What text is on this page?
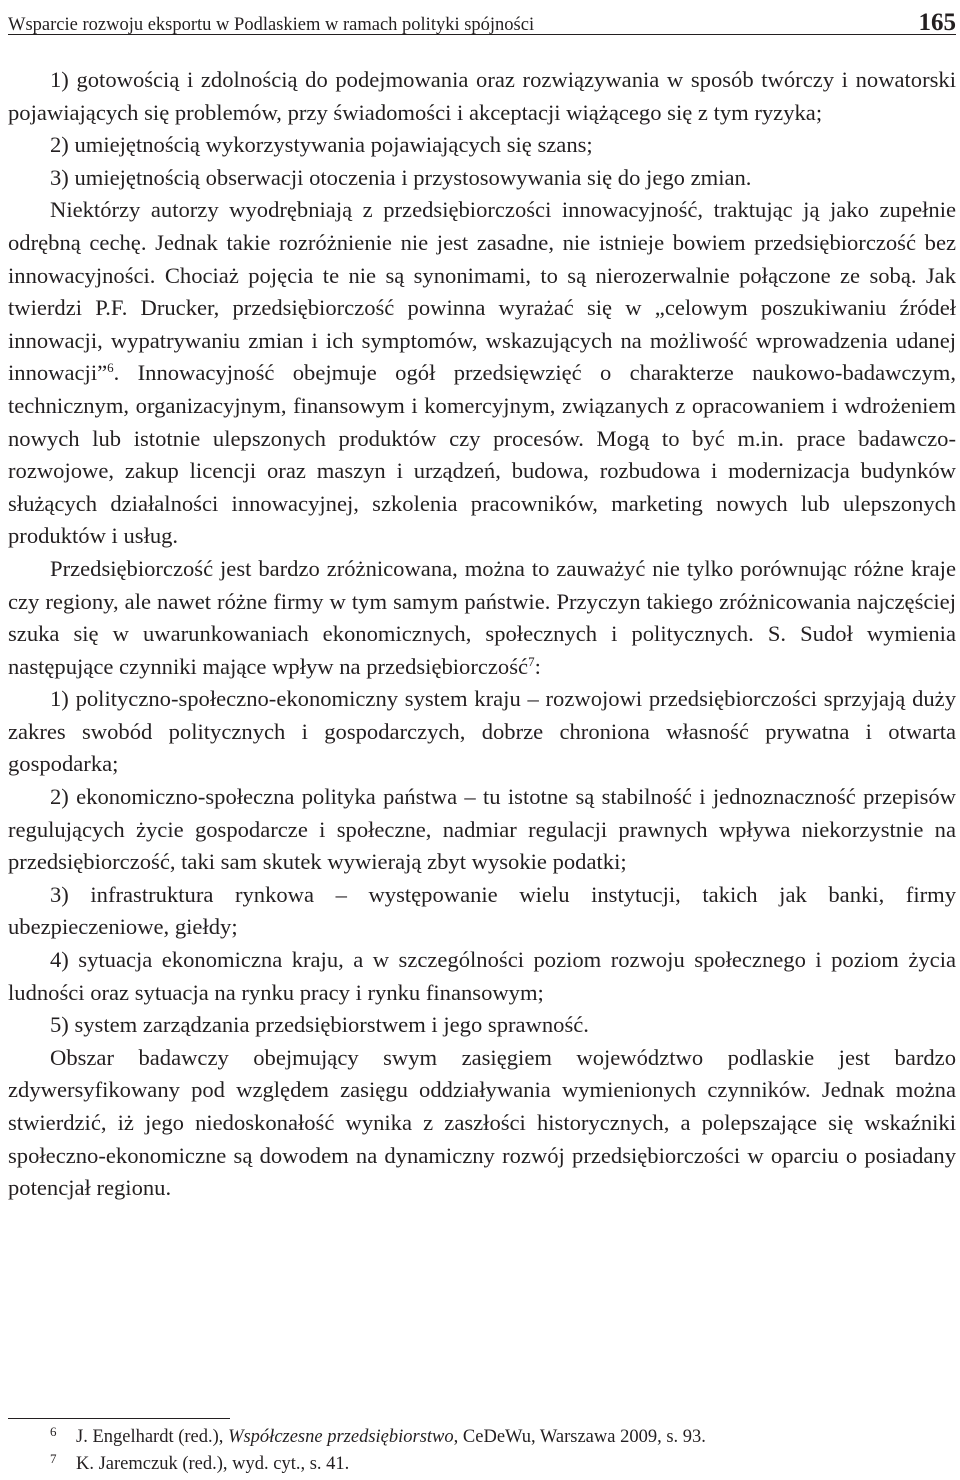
Wsparcie rozwoju eksportu w Podlaskiem w ramach polityki spójności	165

1) gotowością i zdolnością do podejmowania oraz rozwiązywania w sposób twórczy i nowatorski pojawiających się problemów, przy świadomości i akceptacji wiążącego się z tym ryzyka;

2) umiejętnością wykorzystywania pojawiających się szans;

3) umiejętnością obserwacji otoczenia i przystosowywania się do jego zmian.

Niektórzy autorzy wyodrębniają z przedsiębiorczości innowacyjność, traktując ją jako zupełnie odrębną cechę. Jednak takie rozróżnienie nie jest zasadne, nie istnieje bowiem przedsiębiorczość bez innowacyjności. Chociaż pojęcia te nie są synonimami, to są nierozerwalnie połączone ze sobą. Jak twierdzi P.F. Drucker, przedsiębiorczość powinna wyrażać się w „celowym poszukiwaniu źródeł innowacji, wypatrywaniu zmian i ich symptomów, wskazujących na możliwość wprowadzenia udanej innowacji”$^6$. Innowacyjność obejmuje ogół przedsięwzięć o charakterze naukowo-badawczym, technicznym, organizacyjnym, finansowym i komercyjnym, związanych z opracowaniem i wdrożeniem nowych lub istotnie ulepszonych produktów czy procesów. Mogą to być m.in. prace badawczo-rozwojowe, zakup licencji oraz maszyn i urządzeń, budowa, rozbudowa i modernizacja budynków służących działalności innowacyjnej, szkolenia pracowników, marketing nowych lub ulepszonych produktów i usług.

Przedsiębiorczość jest bardzo zróżnicowana, można to zauważyć nie tylko porównując różne kraje czy regiony, ale nawet różne firmy w tym samym państwie. Przyczyn takiego zróżnicowania najczęściej szuka się w uwarunkowaniach ekonomicznych, społecznych i politycznych. S. Sudoł wymienia następujące czynniki mające wpływ na przedsiębiorczość$^7$:

1) polityczno-społeczno-ekonomiczny system kraju – rozwojowi przedsiębiorczości sprzyjają duży zakres swobód politycznych i gospodarczych, dobrze chroniona własność prywatna i otwarta gospodarka;

2) ekonomiczno-społeczna polityka państwa – tu istotne są stabilność i jednoznaczność przepisów regulujących życie gospodarcze i społeczne, nadmiar regulacji prawnych wpływa niekorzystnie na przedsiębiorczość, taki sam skutek wywierają zbyt wysokie podatki;

3) infrastruktura rynkowa – występowanie wielu instytucji, takich jak banki, firmy ubezpieczeniowe, giełdy;

4) sytuacja ekonomiczna kraju, a w szczególności poziom rozwoju społecznego i poziom życia ludności oraz sytuacja na rynku pracy i rynku finansowym;

5) system zarządzania przedsiębiorstwem i jego sprawność.

Obszar badawczy obejmujący swym zasięgiem województwo podlaskie jest bardzo zdywersyfikowany pod względem zasięgu oddziaływania wymienionych czynników. Jednak można stwierdzić, iż jego niedoskonałość wynika z zaszłości historycznych, a polepszające się wskaźniki społeczno-ekonomiczne są dowodem na dynamiczny rozwój przedsiębiorczości w oparciu o posiadany potencjał regionu.

6 J. Engelhardt (red.), Współczesne przedsiębiorstwo, CeDeWu, Warszawa 2009, s. 93.
7 K. Jaremczuk (red.), wyd. cyt., s. 41.
